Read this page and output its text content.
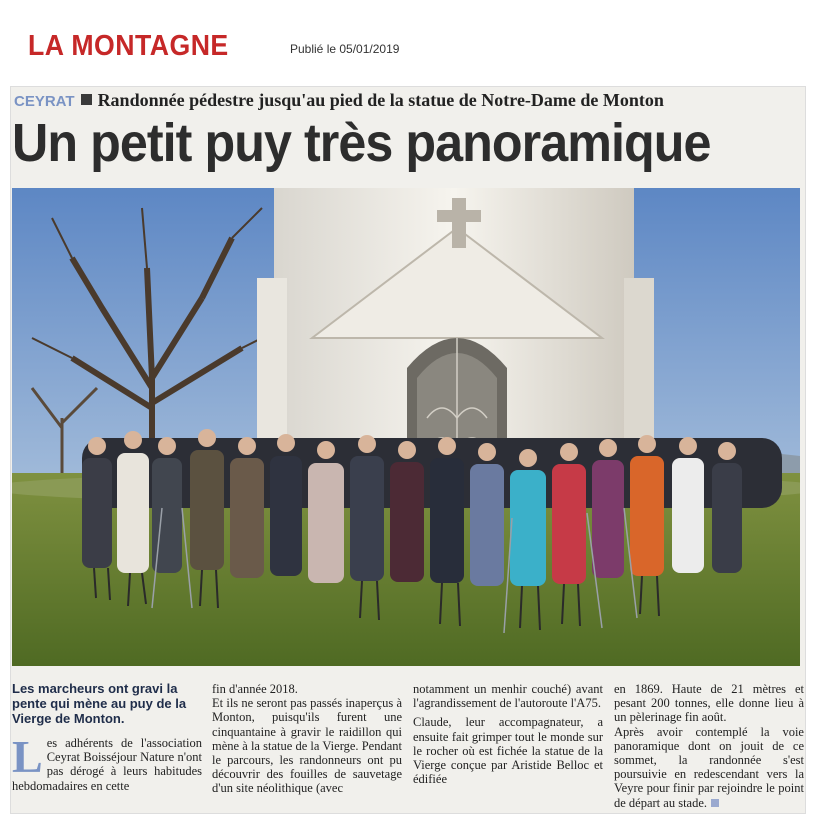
LA MONTAGNE	Publié le 05/01/2019
CEYRAT Randonnée pédestre jusqu'au pied de la statue de Notre-Dame de Monton
Un petit puy très panoramique
Les marcheurs ont gravi la pente qui mène au puy de la Vierge de Monton.
L es adhérents de l'association Ceyrat Boisséjour Nature n'ont pas dérogé à leurs habitudes hebdomadaires en cette

fin d'année 2018.

Et ils ne seront pas passés inaperçus à Monton, puisqu'ils furent une cinquantaine à gravir le raidillon qui mène à la statue de la Vierge. Pendant le parcours, les randonneurs ont pu découvrir des fouilles de sauvetage d'un site néolithique (avec

notamment un menhir couché) avant l'agrandissement de l'autoroute l'A75.

Claude, leur accompagnateur, a ensuite fait grimper tout le monde sur le rocher où est fichée la statue de la Vierge conçue par Aristide Belloc et édifiée

en 1869. Haute de 21 mètres et pesant 200 tonnes, elle donne lieu à un pèlerinage fin août.

Après avoir contemplé la voie panoramique dont on jouit de ce sommet, la randonnée s'est poursuivie en redescendant vers la Veyre pour finir par rejoindre le point de départ au stade.
